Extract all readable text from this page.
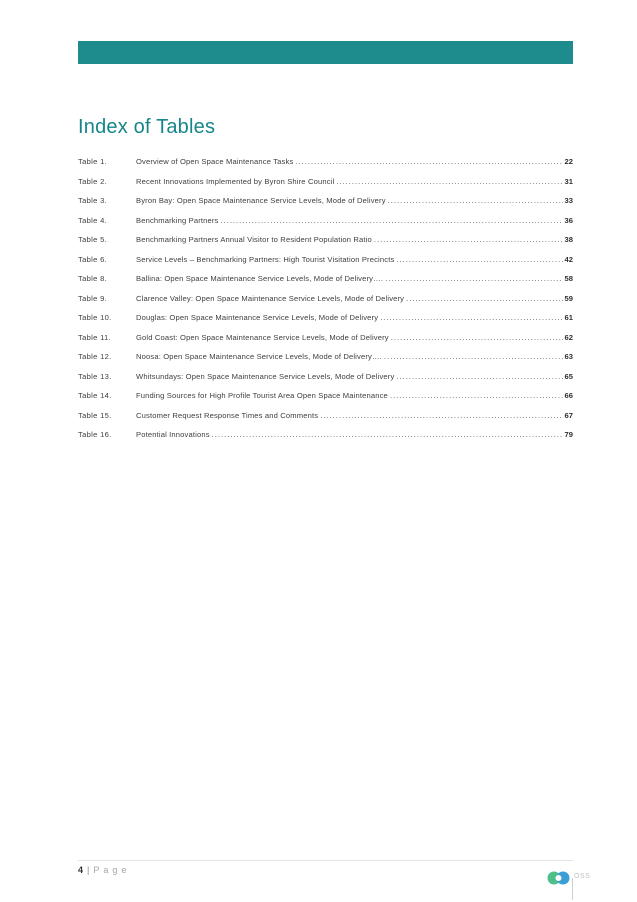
Index of Tables
Table 1.	Overview of Open Space Maintenance Tasks .....	22
Table 2.	Recent Innovations Implemented by Byron Shire Council .....	31
Table 3.	Byron Bay: Open Space Maintenance Service Levels, Mode of Delivery .....	33
Table 4.	Benchmarking Partners .....	36
Table 5.	Benchmarking Partners Annual Visitor to Resident Population Ratio .....	38
Table 6.	Service Levels – Benchmarking Partners: High Tourist Visitation Precincts .....	42
Table 8.	Ballina: Open Space Maintenance Service Levels, Mode of Delivery…. .....	58
Table 9.	Clarence Valley: Open Space Maintenance Service Levels, Mode of Delivery .....	59
Table 10.	Douglas: Open Space Maintenance Service Levels, Mode of Delivery .....	61
Table 11.	Gold Coast: Open Space Maintenance Service Levels, Mode of Delivery .....	62
Table 12.	Noosa: Open Space Maintenance Service Levels, Mode of Delivery…. .....	63
Table 13.	Whitsundays: Open Space Maintenance Service Levels, Mode of Delivery .....	65
Table 14.	Funding Sources for High Profile Tourist Area Open Space Maintenance .....	66
Table 15.	Customer Request Response Times and Comments .....	67
Table 16.	Potential Innovations .....	79
4 | Page
OSS
